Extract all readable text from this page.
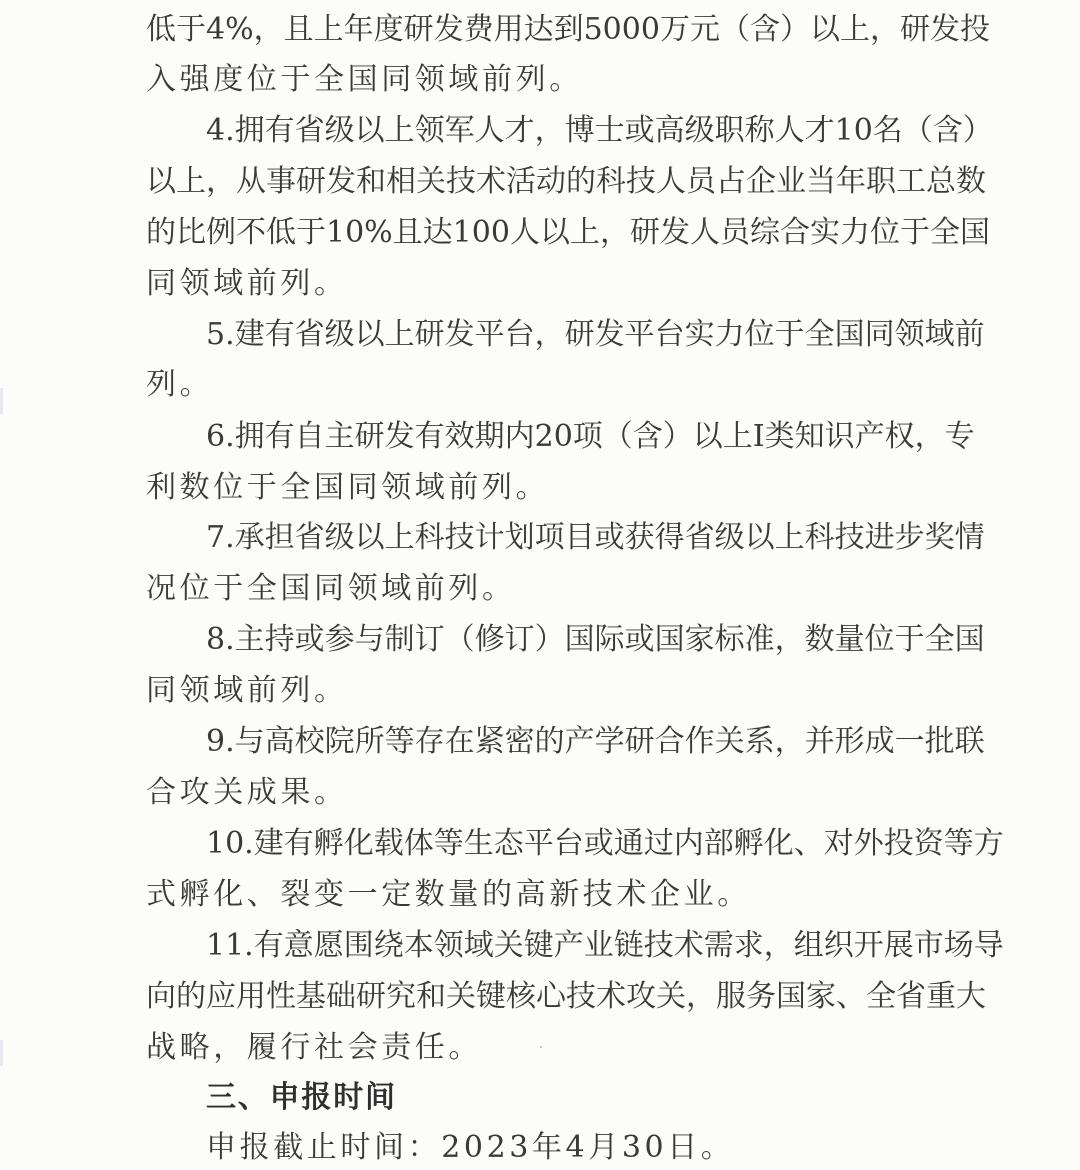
低于4%，且上年度研发费用达到5000万元（含）以上，研发投
入强度位于全国同领域前列。
4.拥有省级以上领军人才，博士或高级职称人才10名（含）
以上，从事研发和相关技术活动的科技人员占企业当年职工总数
的比例不低于10%且达100人以上，研发人员综合实力位于全国
同领域前列。
5.建有省级以上研发平台，研发平台实力位于全国同领域前
列。
6.拥有自主研发有效期内20项（含）以上Ⅰ类知识产权，专
利数位于全国同领域前列。
7.承担省级以上科技计划项目或获得省级以上科技进步奖情
况位于全国同领域前列。
8.主持或参与制订（修订）国际或国家标准，数量位于全国
同领域前列。
9.与高校院所等存在紧密的产学研合作关系，并形成一批联
合攻关成果。
10.建有孵化载体等生态平台或通过内部孵化、对外投资等方
式孵化、裂变一定数量的高新技术企业。
11.有意愿围绕本领域关键产业链技术需求，组织开展市场导
向的应用性基础研究和关键核心技术攻关，服务国家、全省重大
战略，履行社会责任。
三、申报时间
申报截止时间：2023年4月30日。
